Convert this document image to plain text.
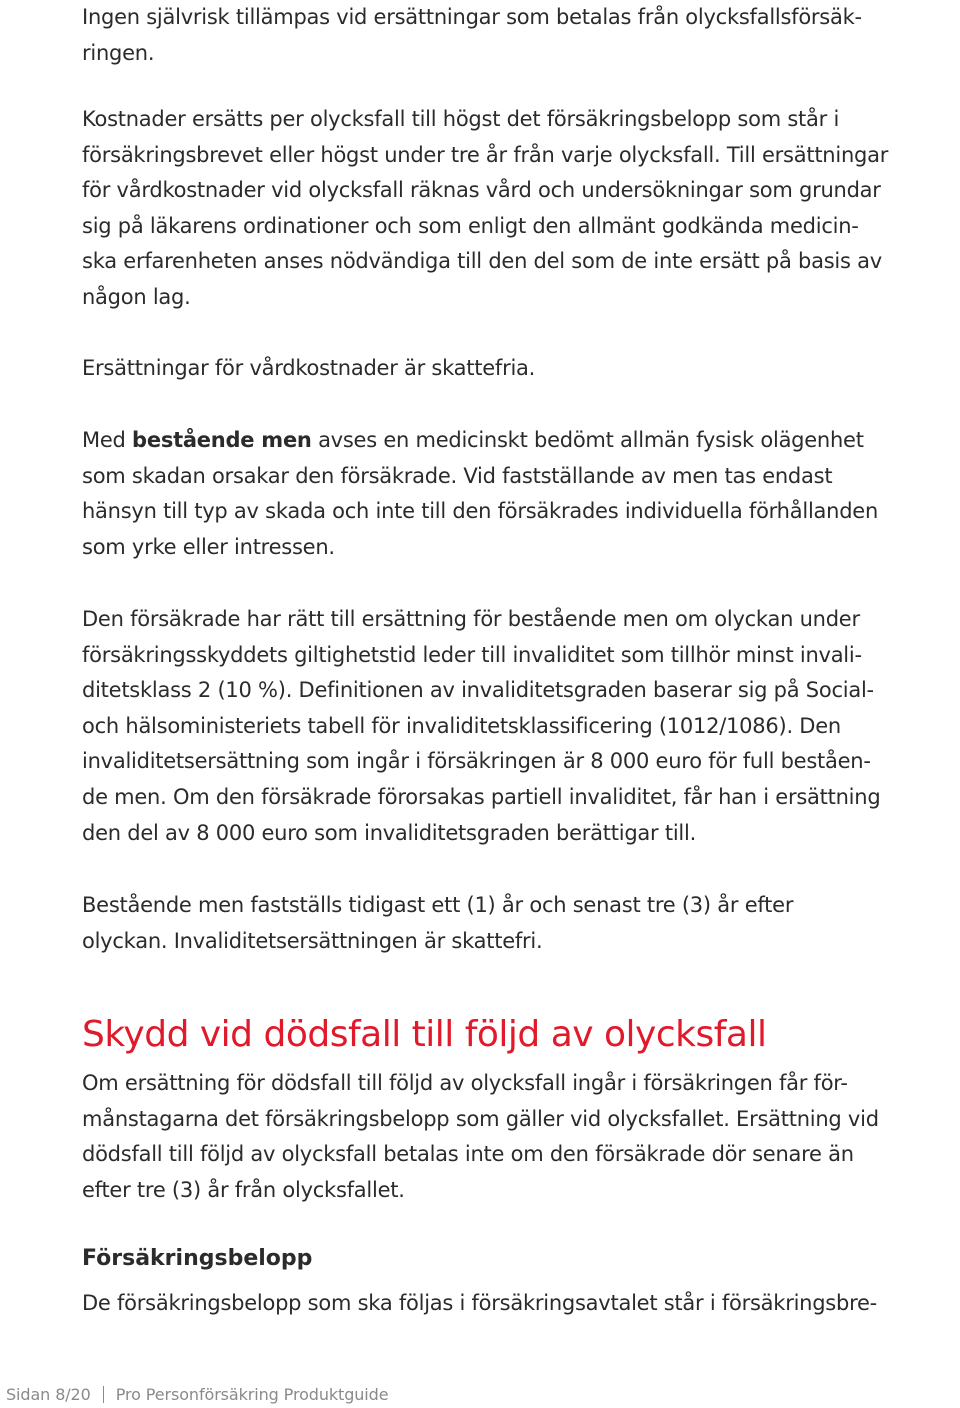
Ingen självrisk tillämpas vid ersättningar som betalas från olycksfallsförsäk-
ringen.

Kostnader ersätts per olycksfall till högst det försäkringsbelopp som står i
försäkringsbrevet eller högst under tre år från varje olycksfall. Till ersättningar
för vårdkostnader vid olycksfall räknas vård och undersökningar som grundar
sig på läkarens ordinationer och som enligt den allmänt godkända medicin-
ska erfarenheten anses nödvändiga till den del som de inte ersätt på basis av
någon lag.

Ersättningar för vårdkostnader är skattefria.

Med bestående men avses en medicinskt bedömt allmän fysisk olägenhet
som skadan orsakar den försäkrade. Vid fastställande av men tas endast
hänsyn till typ av skada och inte till den försäkrades individuella förhållanden
som yrke eller intressen.

Den försäkrade har rätt till ersättning för bestående men om olyckan under
försäkringsskyddets giltighetstid leder till invaliditet som tillhör minst invali-
ditetsklass 2 (10 %). Definitionen av invaliditetsgraden baserar sig på Social-
och hälsoministeriets tabell för invaliditetsklassificering (1012/1086). Den
invaliditetsersättning som ingår i försäkringen är 8 000 euro för full beståen-
de men. Om den försäkrade förorsakas partiell invaliditet, får han i ersättning
den del av 8 000 euro som invaliditetsgraden berättigar till.

Bestående men fastställs tidigast ett (1) år och senast tre (3) år efter
olyckan. Invaliditetsersättningen är skattefri.

Skydd vid dödsfall till följd av olycksfall

Om ersättning för dödsfall till följd av olycksfall ingår i försäkringen får för-
månstagarna det försäkringsbelopp som gäller vid olycksfallet. Ersättning vid
dödsfall till följd av olycksfall betalas inte om den försäkrade dör senare än
efter tre (3) år från olycksfallet.

Försäkringsbelopp

De försäkringsbelopp som ska följas i försäkringsavtalet står i försäkringsbre-

Sidan 8/20 Pro Personförsäkring Produktguide
